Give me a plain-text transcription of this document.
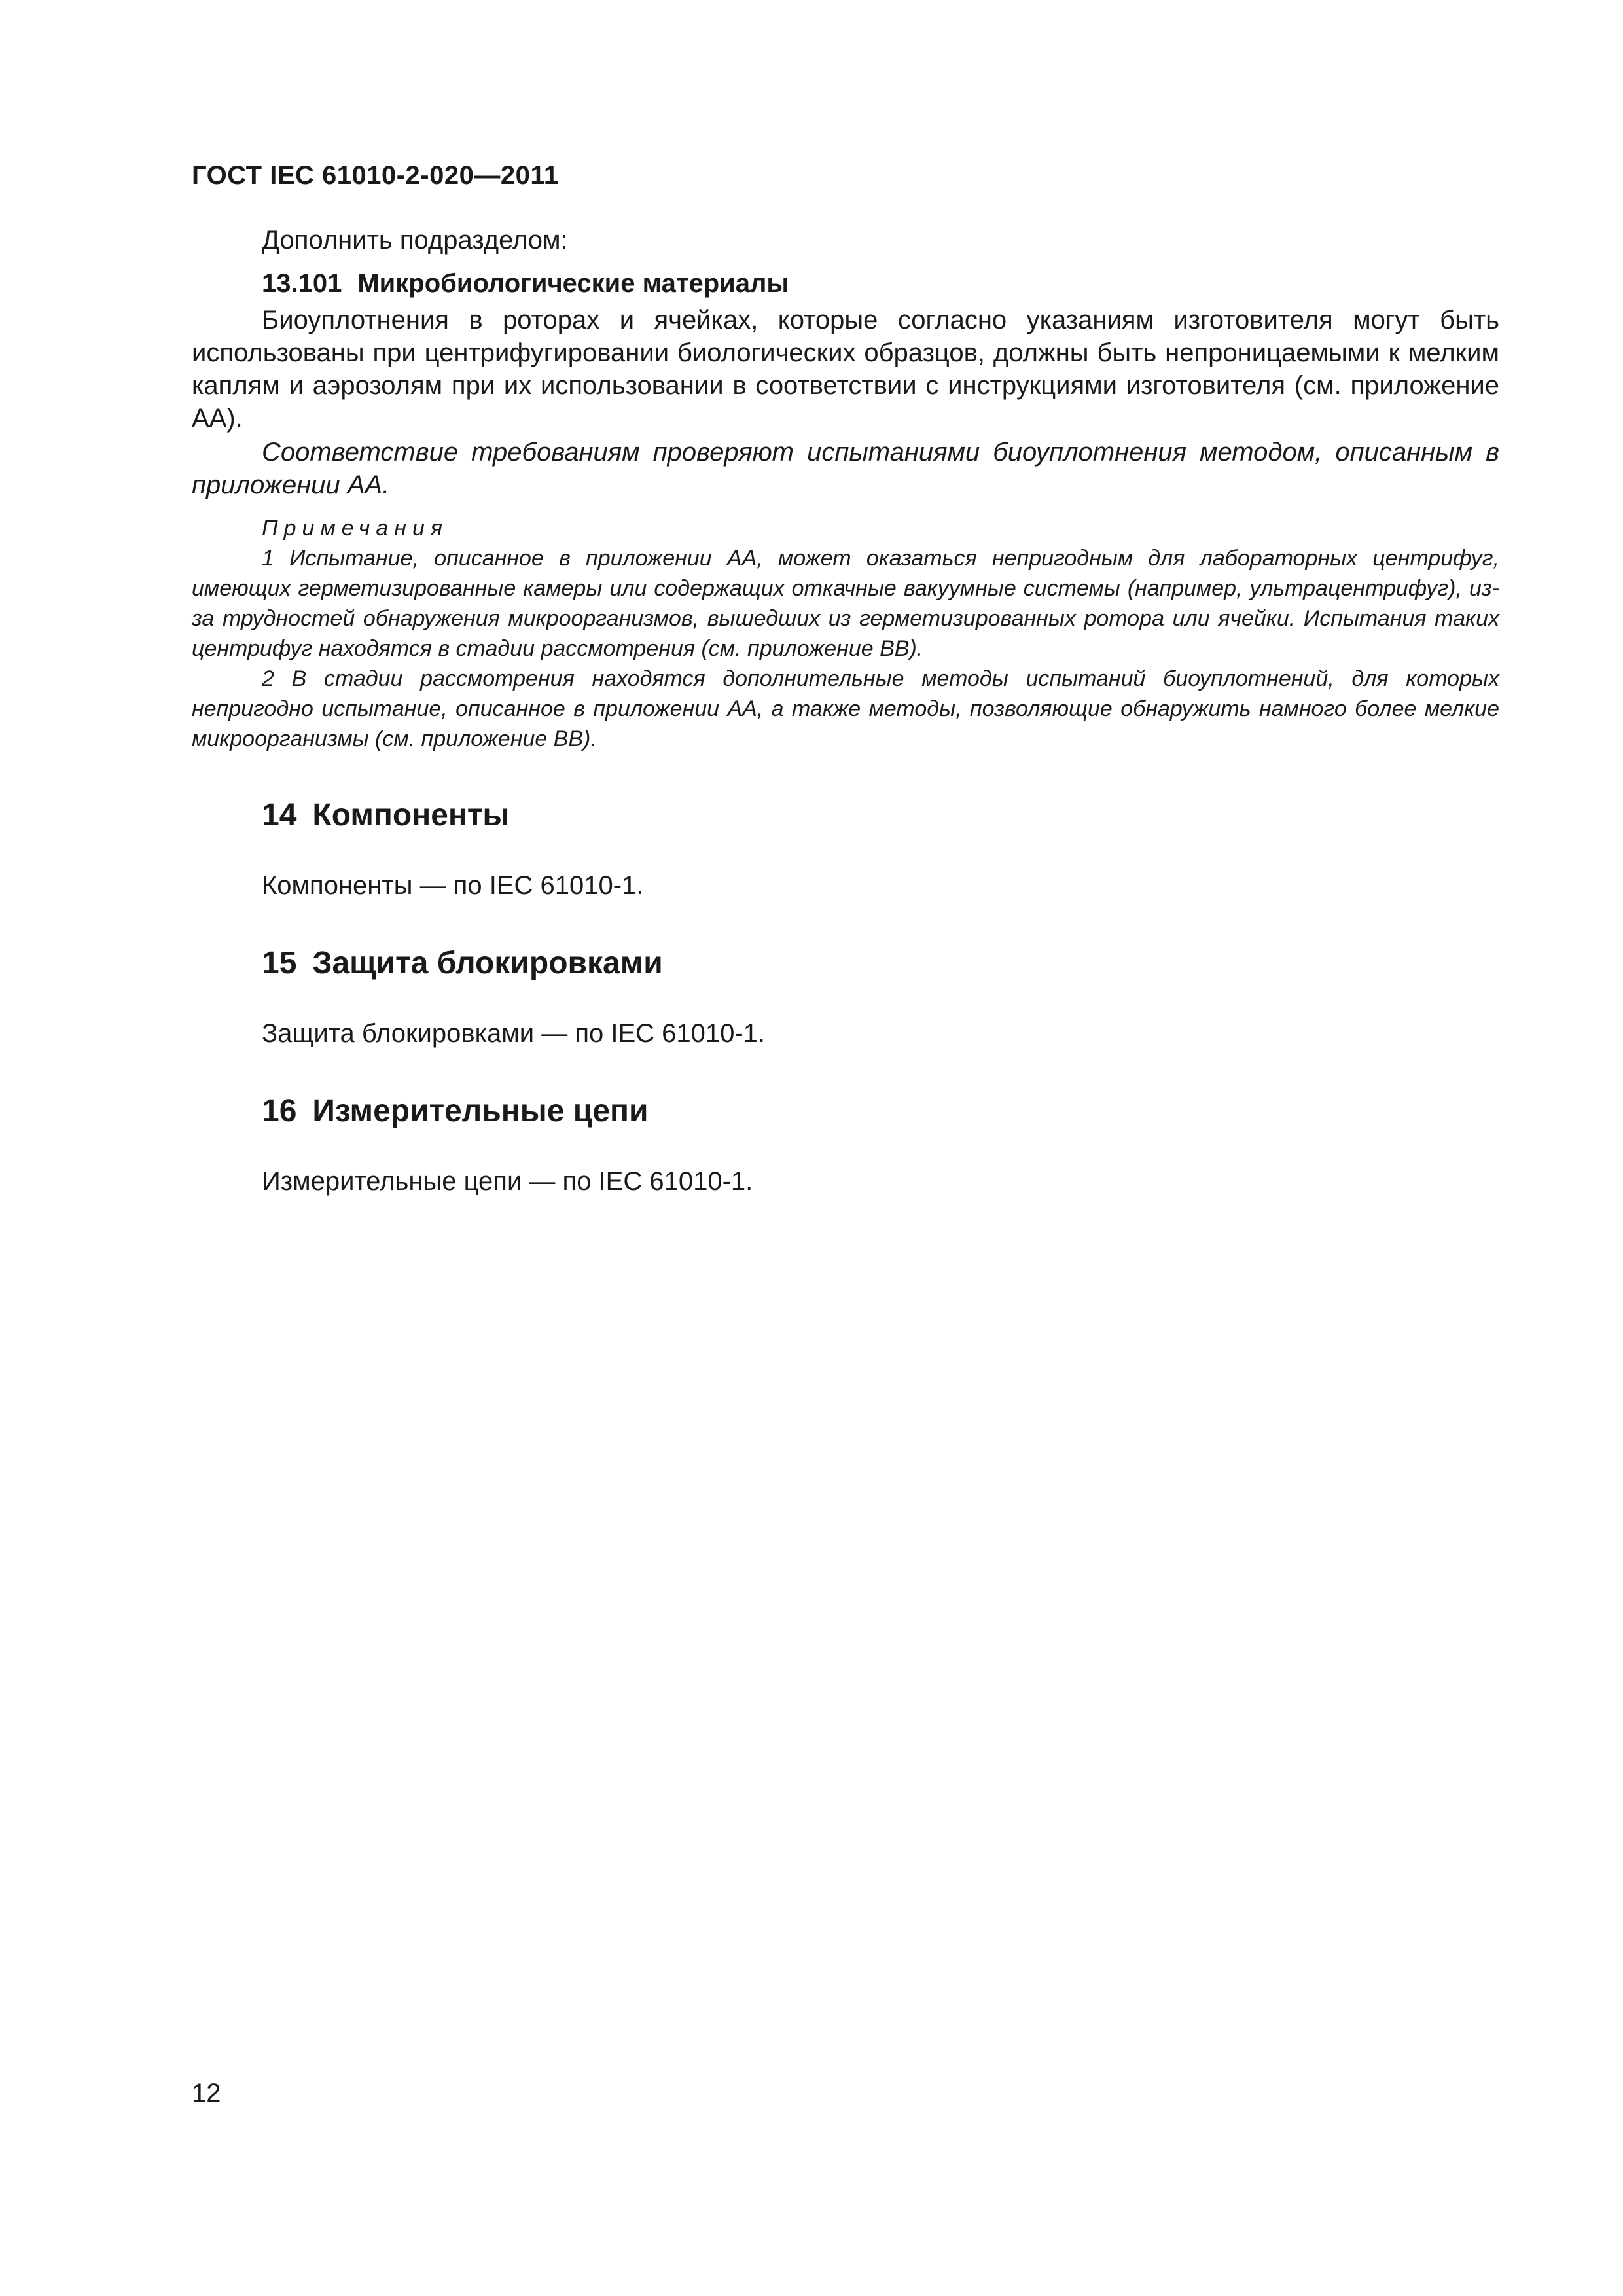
ГОСТ IEC 61010-2-020—2011

Дополнить подразделом:

13.101 Микробиологические материалы

Биоуплотнения в роторах и ячейках, которые согласно указаниям изготовителя могут быть использованы при центрифугировании биологических образцов, должны быть непроницаемыми к мелким каплям и аэрозолям при их использовании в соответствии с инструкциями изготовителя (см. приложение АА).

Соответствие требованиям проверяют испытаниями биоуплотнения методом, описанным в приложении АА.

Примечания

1 Испытание, описанное в приложении АА, может оказаться непригодным для лабораторных центрифуг, имеющих герметизированные камеры или содержащих откачные вакуумные системы (например, ультрацентрифуг), из-за трудностей обнаружения микроорганизмов, вышедших из герметизированных ротора или ячейки. Испытания таких центрифуг находятся в стадии рассмотрения (см. приложение ВВ).

2 В стадии рассмотрения находятся дополнительные методы испытаний биоуплотнений, для которых непригодно испытание, описанное в приложении АА, а также методы, позволяющие обнаружить намного более мелкие микроорганизмы (см. приложение ВВ).

14 Компоненты

Компоненты — по IEC 61010-1.

15 Защита блокировками

Защита блокировками — по IEC 61010-1.

16 Измерительные цепи

Измерительные цепи — по IEC 61010-1.

12
